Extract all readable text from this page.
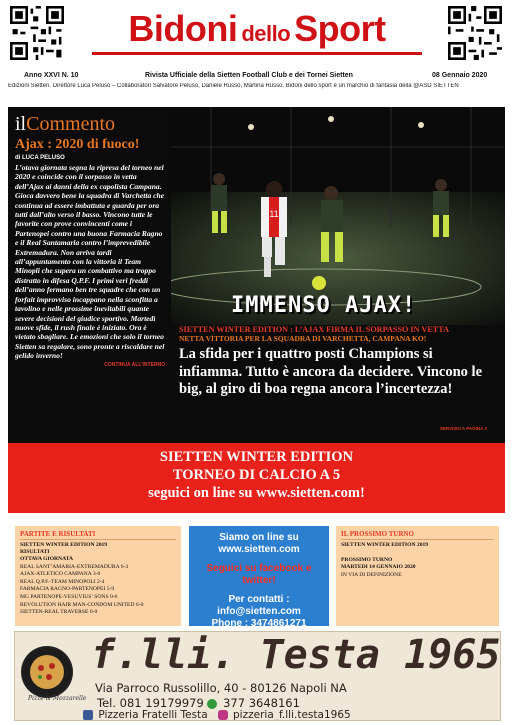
Bidoni dello Sport
Anno XXVI N. 10	Rivista Ufficiale della Sietten Football Club e dei Tornei Sietten	08 Gennaio 2020
Edizioni Sietten. Direttore Luca Peluso – Collaboratori Salvatore Peluso, Daniele Russo, Martina Russo. Bidoni dello sport è un marchio di fantasia della @ASD SIETTEN
ilCommento
Ajax : 2020 di fuoco!
di LUCA PELUSO
L’otava giornata segna la ripresa del torneo nel 2020 e coincide con il sorpasso in vetta dell’Ajax ai danni della ex capolista Campana. Gioca davvero bene la squadra di Varchetta che continua ad essere imbattuta e guarda per ora tutti dall’alto verso il basso. Vincono tutte le favorite con prove convincenti come i Partenopei contro una buona Farmacia Ragno e il Real Santamaria contro l’imprevedibile Extremadura. Non arriva tardi all’appuntamento con la vittoria il Team Minopli che supera un combattivo ma troppo distratto in difesa Q.P.F. I primi veri freddi dell’anno fermano ben tre squadre che con un forfait improvviso incappano nella sconfitta a tavolino e nelle prossime inevitabili quante severe decisioni del giudice sportivo. Martedì nuove sfide, il rush finale è iniziato. Ora è vietato sbagliare. Le emozioni che solo il torneo Sietten sa regalare, sono pronte a riscaldare nel gelido inverno!
CONTINUA ALL’INTERNO
11
IMMENSO AJAX!
SIETTEN WINTER EDITION : L’AJAX FIRMA IL SORPASSO IN VETTA
NETTA VITTORIA PER LA SQUADRA DI VARCHETTA, CAMPANA KO!
La sfida per i quattro posti Champions si infiamma. Tutto è ancora da decidere. Vincono le big, al giro di boa regna ancora l’incertezza!
SERVIZIO A PAGINA 2
SIETTEN WINTER EDITION
TORNEO DI CALCIO A 5
seguici on line su www.sietten.com!
PARTITE E RISULTATI
SIETTEN WINTER EDITION 2019
RISULTATI
OTTAVA GIORNATA
REAL SANT’AMARIA-EXTREMADURA 6-3
AJAX-ATLETICO CAMPANA 3-0
REAL Q.P.F.-TEAM MINOPOLI 2-4
FARMACIA RAGNO-PARTENOPEI 5-9
MG PARTENOPE-VESUVIUS’ SONS 0-6
REVOLUTION HAIR MAN-CONDOM UNITED 6-0
SIETTEN-REAL TRAVERSE 6-0
Siamo on line su www.sietten.com
Seguici su facebook e twitter!
Per contatti :
info@sietten.com
Phone : 3474861271
IL PROSSIMO TURNO
SIETTEN WINTER EDITION 2019
PROSSIMO TURNO
MARTEDI 14 GENNAIO 2020
IN VIA DI DEFINIZIONE
Pizze & Mozzarelle
f.lli. Testa 1965
Via Parroco Russolillo, 40 - 80126 Napoli NA
Tel. 081 19179979 377 3648161
Pizzeria Fratelli Testa pizzeria_f.lli.testa1965
